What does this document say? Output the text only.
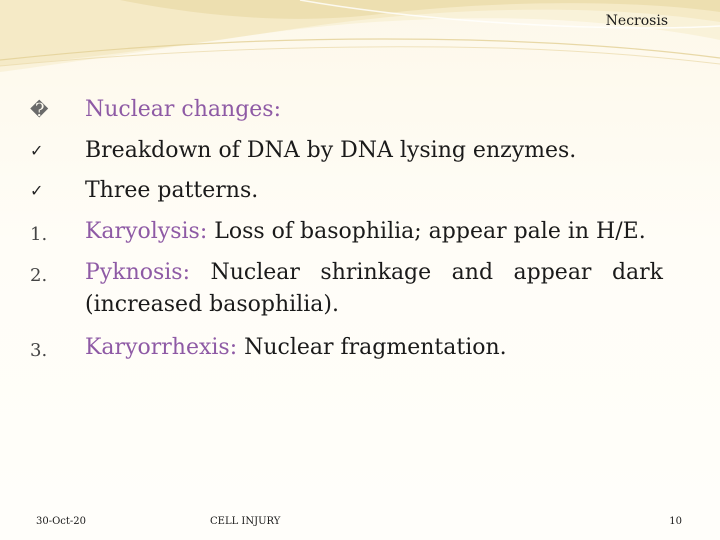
Necrosis
�	Nuclear changes:
✓	Breakdown of DNA by DNA lysing enzymes.
✓	Three patterns.
1.	Karyolysis: Loss of basophilia; appear pale in H/E.
2.	Pyknosis: Nuclear shrinkage and appear dark (increased basophilia).
3.	Karyorrhexis: Nuclear fragmentation.
30-Oct-20	CELL INJURY	10
